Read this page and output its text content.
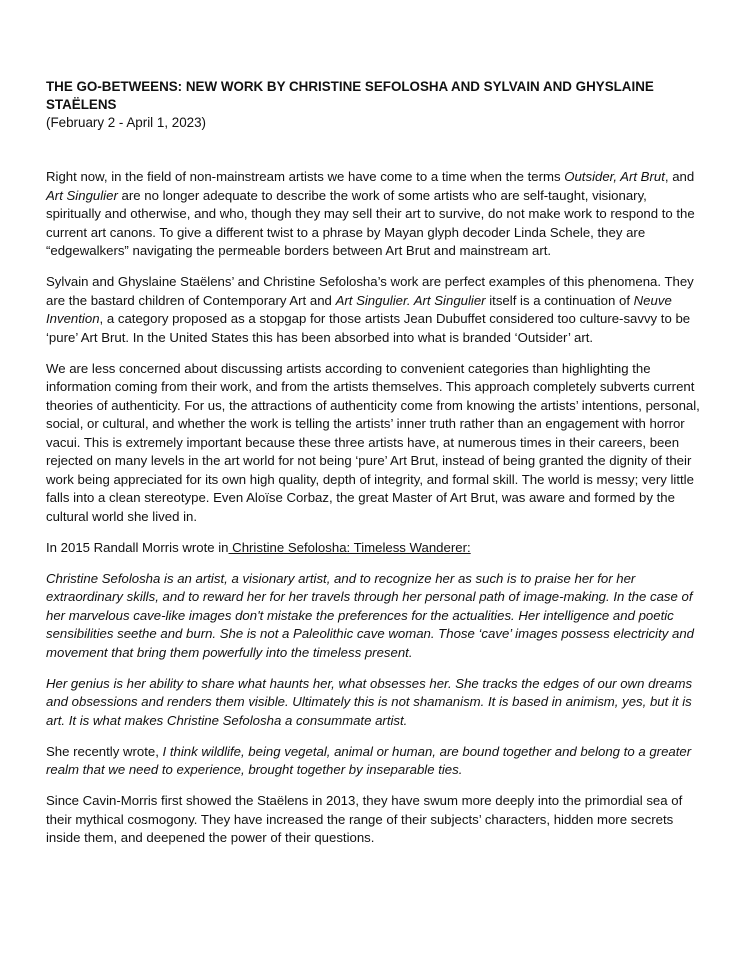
THE GO-BETWEENS: NEW WORK BY CHRISTINE SEFOLOSHA AND SYLVAIN AND GHYSLAINE
STAËLENS
(February 2 - April 1, 2023)

Right now, in the field of non-mainstream artists we have come to a time when the terms Outsider, Art Brut, and Art Singulier are no longer adequate to describe the work of some artists who are self-taught, visionary, spiritually and otherwise, and who, though they may sell their art to survive, do not make work to respond to the current art canons. To give a different twist to a phrase by Mayan glyph decoder Linda Schele, they are “edgewalkers” navigating the permeable borders between Art Brut and mainstream art.

Sylvain and Ghyslaine Staëlens’ and Christine Sefolosha’s work are perfect examples of this phenomena. They are the bastard children of Contemporary Art and Art Singulier. Art Singulier itself is a continuation of Neuve Invention, a category proposed as a stopgap for those artists Jean Dubuffet considered too culture-savvy to be ‘pure’ Art Brut. In the United States this has been absorbed into what is branded ‘Outsider’ art.

We are less concerned about discussing artists according to convenient categories than highlighting the information coming from their work, and from the artists themselves. This approach completely subverts current theories of authenticity. For us, the attractions of authenticity come from knowing the artists’ intentions, personal, social, or cultural, and whether the work is telling the artists’ inner truth rather than an engagement with horror vacui. This is extremely important because these three artists have, at numerous times in their careers, been rejected on many levels in the art world for not being ‘pure’ Art Brut, instead of being granted the dignity of their work being appreciated for its own high quality, depth of integrity, and formal skill. The world is messy; very little falls into a clean stereotype. Even Aloïse Corbaz, the great Master of Art Brut, was aware and formed by the cultural world she lived in.

In 2015 Randall Morris wrote in Christine Sefolosha: Timeless Wanderer:

Christine Sefolosha is an artist, a visionary artist, and to recognize her as such is to praise her for her extraordinary skills, and to reward her for her travels through her personal path of image-making. In the case of her marvelous cave-like images don't mistake the preferences for the actualities. Her intelligence and poetic sensibilities seethe and burn. She is not a Paleolithic cave woman. Those ‘cave’ images possess electricity and movement that bring them powerfully into the timeless present.

Her genius is her ability to share what haunts her, what obsesses her. She tracks the edges of our own dreams and obsessions and renders them visible. Ultimately this is not shamanism. It is based in animism, yes, but it is art. It is what makes Christine Sefolosha a consummate artist.

She recently wrote, I think wildlife, being vegetal, animal or human, are bound together and belong to a greater realm that we need to experience, brought together by inseparable ties.

Since Cavin-Morris first showed the Staëlens in 2013, they have swum more deeply into the primordial sea of their mythical cosmogony. They have increased the range of their subjects’ characters, hidden more secrets inside them, and deepened the power of their questions.
